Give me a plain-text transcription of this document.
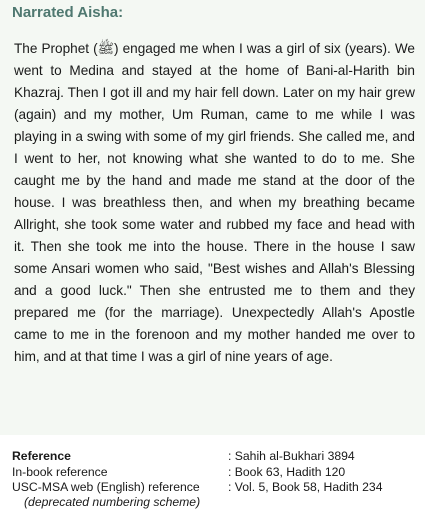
Narrated Aisha:

The Prophet (ﷺ) engaged me when I was a girl of six (years). We went to Medina and stayed at the home of Bani-al-Harith bin Khazraj. Then I got ill and my hair fell down. Later on my hair grew (again) and my mother, Um Ruman, came to me while I was playing in a swing with some of my girl friends. She called me, and I went to her, not knowing what she wanted to do to me. She caught me by the hand and made me stand at the door of the house. I was breathless then, and when my breathing became Allright, she took some water and rubbed my face and head with it. Then she took me into the house. There in the house I saw some Ansari women who said, "Best wishes and Allah's Blessing and a good luck." Then she entrusted me to them and they prepared me (for the marriage). Unexpectedly Allah's Apostle came to me in the forenoon and my mother handed me over to him, and at that time I was a girl of nine years of age.

Reference	: Sahih al-Bukhari 3894
In-book reference	: Book 63, Hadith 120
USC-MSA web (English) reference	: Vol. 5, Book 58, Hadith 234
(deprecated numbering scheme)
